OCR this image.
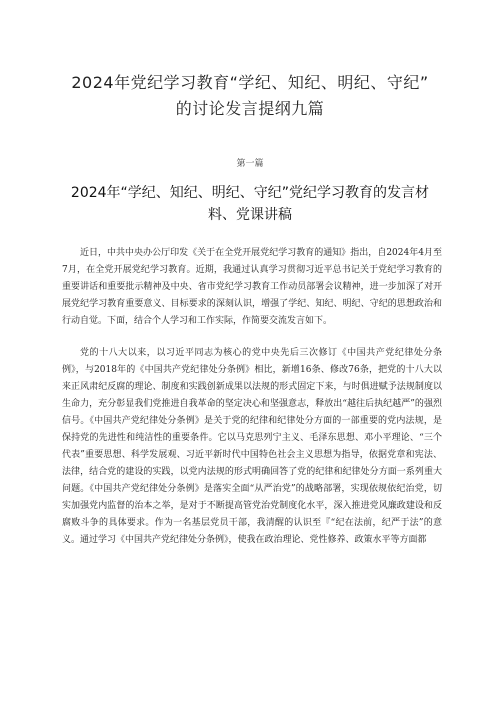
2024年党纪学习教育“学纪、知纪、明纪、守纪”
的讨论发言提纲九篇
第一篇
2024年“学纪、知纪、明纪、守纪”党纪学习教育的发言材
料、党课讲稿

近日，中共中央办公厅印发《关于在全党开展党纪学习教育的通知》指出，自2024年4月至7月，在全党开展党纪学习教育。近期，我通过认真学习贯彻习近平总书记关于党纪学习教育的重要讲话和重要批示精神及中央、省市党纪学习教育工作动员部署会议精神，进一步加深了对开展党纪学习教育重要意义、目标要求的深刻认识，增强了学纪、知纪、明纪、守纪的思想政治和行动自觉。下面，结合个人学习和工作实际，作简要交流发言如下。

党的十八大以来，以习近平同志为核心的党中央先后三次修订《中国共产党纪律处分条例》，与2018年的《中国共产党纪律处分条例》相比，新增16条、修改76条，把党的十八大以来正风肃纪反腐的理论、制度和实践创新成果以法规的形式固定下来，与时俱进赋予法规制度以生命力，充分彰显我们党推进自我革命的坚定决心和坚强意志，释放出“越往后执纪越严”的强烈信号。《中国共产党纪律处分条例》是关于党的纪律和纪律处分方面的一部重要的党内法规，是保持党的先进性和纯洁性的重要条件。它以马克思列宁主义、毛泽东思想、邓小平理论、“三个代表”重要思想、科学发展观、习近平新时代中国特色社会主义思想为指导，依据党章和宪法、法律，结合党的建设的实践，以党内法规的形式明确回答了党的纪律和纪律处分方面一系列重大问题。《中国共产党纪律处分条例》是落实全面“从严治党”的战略部署，实现依规依纪治党，切实加强党内监督的治本之举，是对于不断提高管党治党制度化水平，深入推进党风廉政建设和反腐败斗争的具体要求。作为一名基层党员干部，我清醒的认识至『“纪在法前，纪严于法”的意义。通过学习《中国共产党纪律处分条例》，使我在政治理论、党性修养、政策水平等方面都
